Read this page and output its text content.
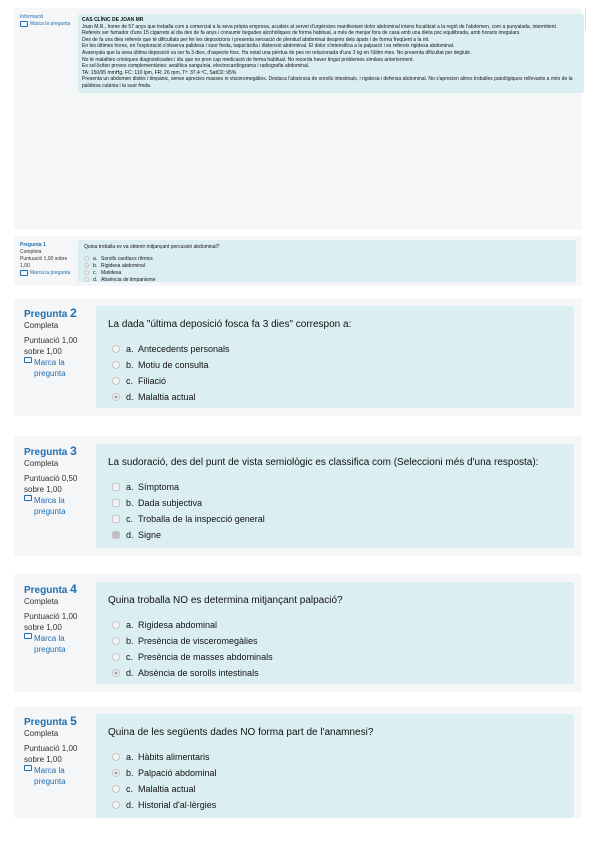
Informació
Marca la pregunta
CAS CLÍNIC DE JOAN MR
Joan M.R., home de 57 anys que treballa com a comercial a la seva pròpia empresa, acudeix al servei d'urgències manifestant dolor abdominal intens focalitzat a la regió de l'abdomen, com a punyalada, intermitent.
Refereix ser fumador d'uns 15 cigarrets al dia des de fa anys i consumir begudes alcohòliques de forma habitual, a més de menjar fora de casa amb una dieta poc equilibrada, amb horaris irregulars.
Des de fa uns dies refereix que té dificultats per fer les deposicions i presenta sensació de plenitud abdominal després dels àpats i de forma freqüent a la nit.
En les últimes hores, en l'exploració s'observa palidesa i suor freda, taquicàrdia i distensió abdominal. El dolor s'intensifica a la palpació i es refereix rigidesa abdominal.
Assenyala que la seva última deposició va ser fa 3 dies, d'aspecte fosc. Ha notat una pèrdua de pes no relacionada d'uns 2 kg en l'últim mes. No presenta dificultat per deglutir.
No té malalties cròniques diagnosticades i diu que no pren cap medicació de forma habitual. No recorda haver tingut problemes similars anteriorment.
Es sol·liciten proves complementàries: analítica sanguínia, electrocardiograma i radiografia abdominal.
TA: 150/95 mmHg, FC: 110 lpm, FR: 26 rpm, Tª: 37,4 ºC, SatO2: 95%
Presenta un abdomen distès i timpànic, sense aprecies masses ni visceromegàlies. Destaca l'absència de sorolls intestinals, i rigidesa i defensa abdominal. No s'aprecien altres troballes patològiques rellevants a més de la palidesa cutània i la suor freda.
Pregunta 1
Completa
Puntuació 1,00 sobre 1,00
Marca la pregunta
Quina troballa es va obtenir mitjançant percussió abdominal?
a. Sorolls cardíacs rítmics
b. Rigidesa abdominal
c. Matidesa
d. Absència de timpanisme
Pregunta 2
Completa
Puntuació 1,00
sobre 1,00
Marca la pregunta

La dada "última deposició fosca fa 3 dies" correspon a:

a. Antecedents personals
b. Motiu de consulta
c. Filiació
d. Malaltia actual
Pregunta 3
Completa
Puntuació 0,50
sobre 1,00
Marca la pregunta

La sudoració, des del punt de vista semiològic es classifica com (Seleccioni més d'una resposta):

a. Símptoma
b. Dada subjectiva
c. Troballa de la inspecció general
d. Signe
Pregunta 4
Completa
Puntuació 1,00
sobre 1,00
Marca la pregunta

Quina troballa NO es determina mitjançant palpació?

a. Rigidesa abdominal
b. Presència de visceromegàlies
c. Presència de masses abdominals
d. Absència de sorolls intestinals
Pregunta 5
Completa
Puntuació 1,00
sobre 1,00
Marca la pregunta

Quina de les següents dades NO forma part de l'anamnesi?

a. Hàbits alimentaris
b. Palpació abdominal
c. Malaltia actual
d. Historial d'al·lèrgies
